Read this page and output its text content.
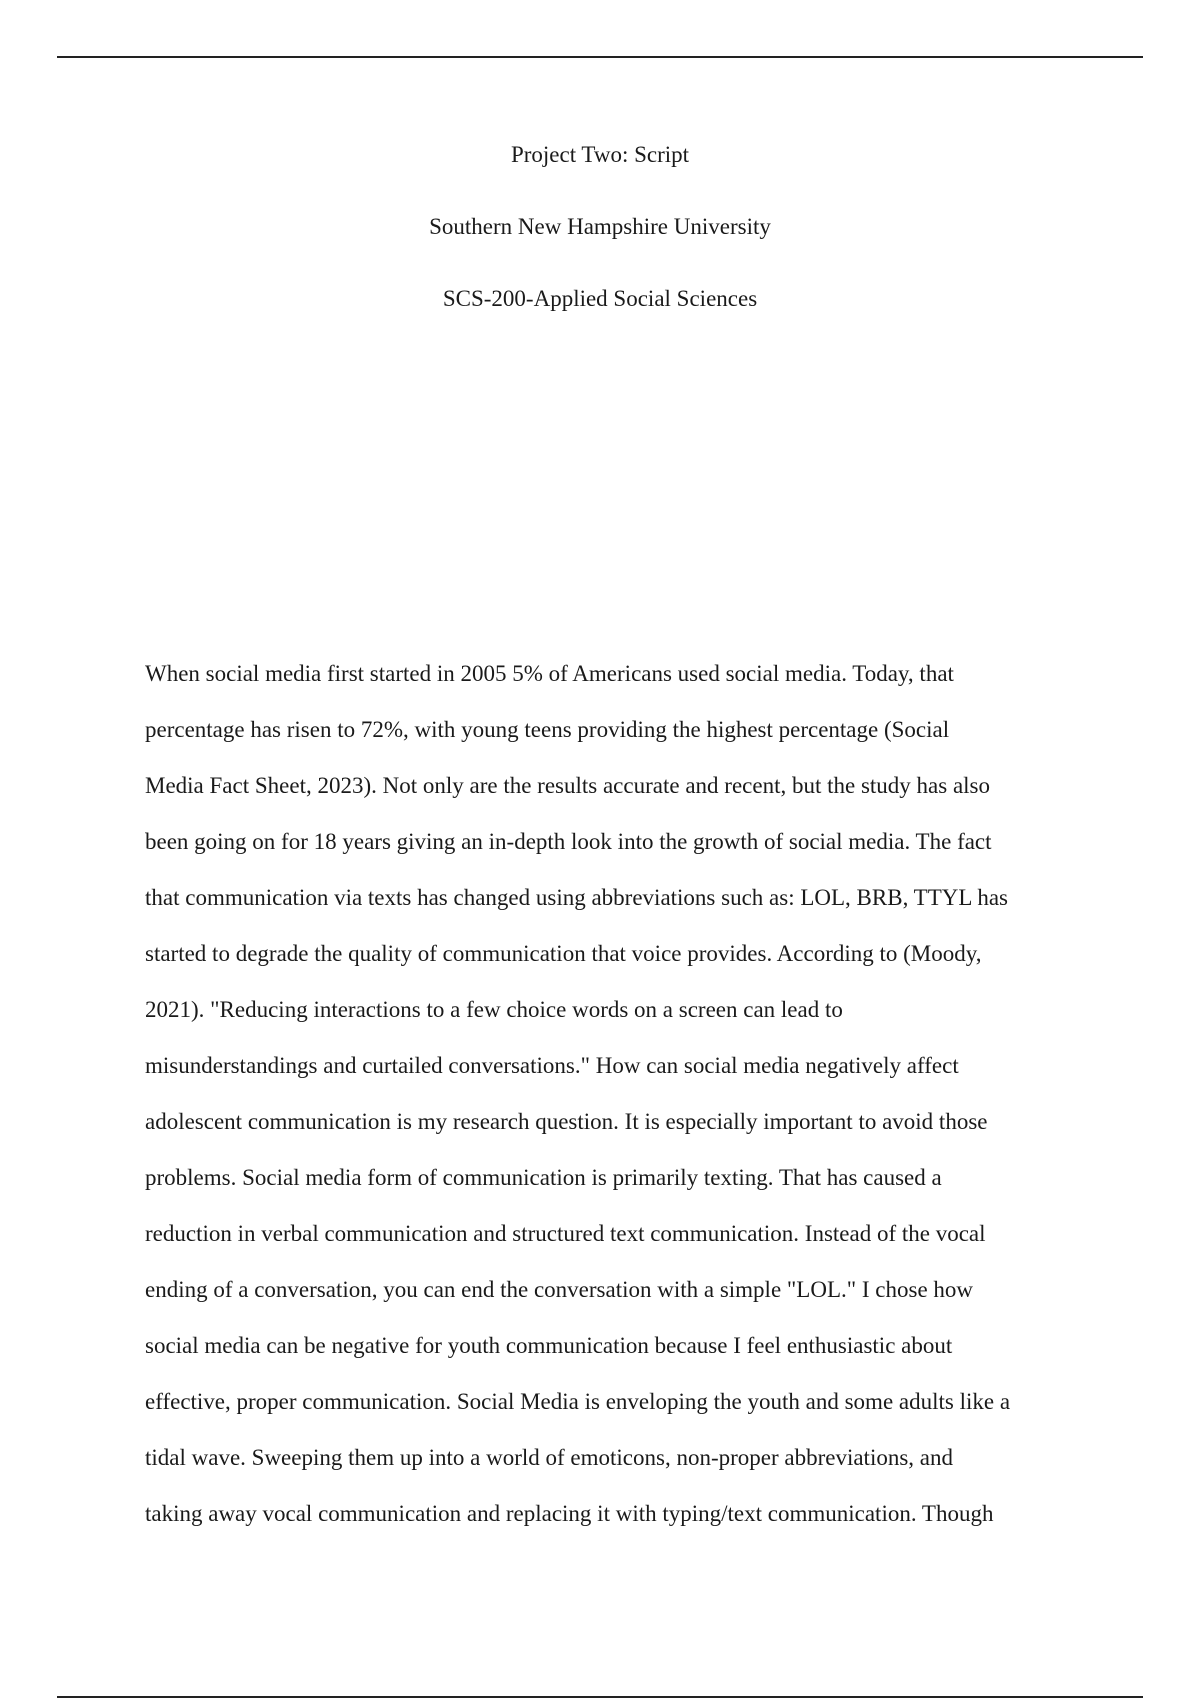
Project Two: Script
Southern New Hampshire University
SCS-200-Applied Social Sciences
When social media first started in 2005 5% of Americans used social media. Today, that
percentage has risen to 72%, with young teens providing the highest percentage (Social
Media Fact Sheet, 2023). Not only are the results accurate and recent, but the study has also
been going on for 18 years giving an in-depth look into the growth of social media. The fact
that communication via texts has changed using abbreviations such as: LOL, BRB, TTYL has
started to degrade the quality of communication that voice provides. According to (Moody,
2021). "Reducing interactions to a few choice words on a screen can lead to
misunderstandings and curtailed conversations." How can social media negatively affect
adolescent communication is my research question. It is especially important to avoid those
problems. Social media form of communication is primarily texting. That has caused a
reduction in verbal communication and structured text communication. Instead of the vocal
ending of a conversation, you can end the conversation with a simple "LOL." I chose how
social media can be negative for youth communication because I feel enthusiastic about
effective, proper communication. Social Media is enveloping the youth and some adults like a
tidal wave. Sweeping them up into a world of emoticons, non-proper abbreviations, and
taking away vocal communication and replacing it with typing/text communication. Though
